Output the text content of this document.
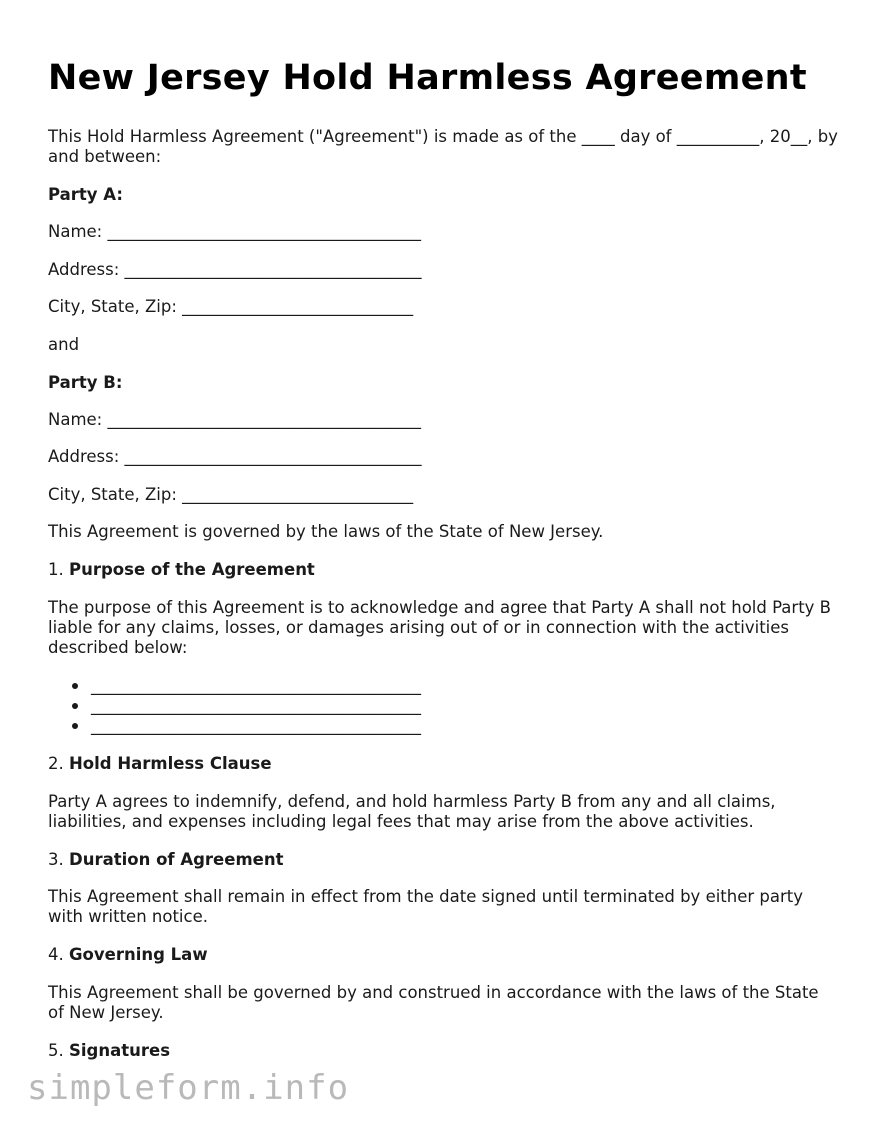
New Jersey Hold Harmless Agreement
This Hold Harmless Agreement ("Agreement") is made as of the ____ day of __________, 20__, by and between:
Party A:
Name: ______________________________________
Address: ____________________________________
City, State, Zip: ____________________________
and
Party B:
Name: ______________________________________
Address: ____________________________________
City, State, Zip: ____________________________
This Agreement is governed by the laws of the State of New Jersey.
1. Purpose of the Agreement
The purpose of this Agreement is to acknowledge and agree that Party A shall not hold Party B liable for any claims, losses, or damages arising out of or in connection with the activities described below:
________________________________________
________________________________________
________________________________________
2. Hold Harmless Clause
Party A agrees to indemnify, defend, and hold harmless Party B from any and all claims, liabilities, and expenses including legal fees that may arise from the above activities.
3. Duration of Agreement
This Agreement shall remain in effect from the date signed until terminated by either party with written notice.
4. Governing Law
This Agreement shall be governed by and construed in accordance with the laws of the State of New Jersey.
5. Signatures
simpleform.info
